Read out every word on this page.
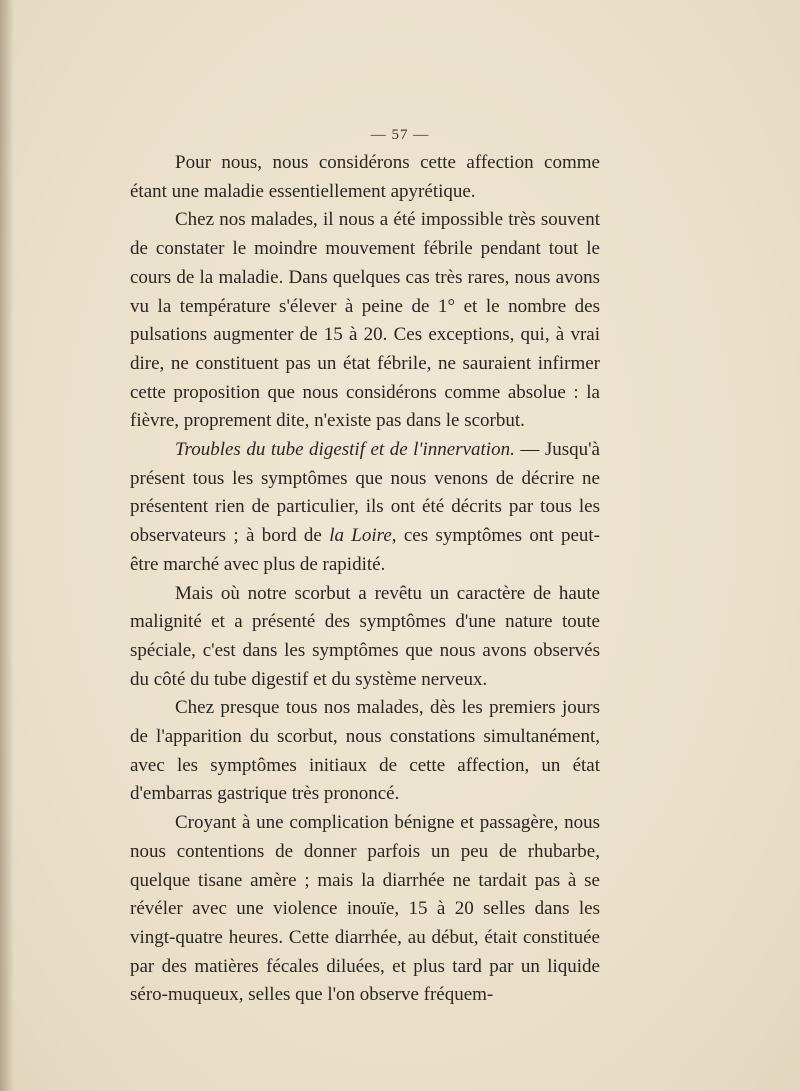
— 57 —

Pour nous, nous considérons cette affection comme étant une maladie essentiellement apyrétique.

Chez nos malades, il nous a été impossible très souvent de constater le moindre mouvement fébrile pendant tout le cours de la maladie. Dans quelques cas très rares, nous avons vu la température s'élever à peine de 1° et le nombre des pulsations augmenter de 15 à 20. Ces exceptions, qui, à vrai dire, ne constituent pas un état fébrile, ne sauraient infirmer cette proposition que nous considérons comme absolue : la fièvre, proprement dite, n'existe pas dans le scorbut.

Troubles du tube digestif et de l'innervation. — Jusqu'à présent tous les symptômes que nous venons de décrire ne présentent rien de particulier, ils ont été décrits par tous les observateurs ; à bord de la Loire, ces symptômes ont peut-être marché avec plus de rapidité.

Mais où notre scorbut a revêtu un caractère de haute malignité et a présenté des symptômes d'une nature toute spéciale, c'est dans les symptômes que nous avons observés du côté du tube digestif et du système nerveux.

Chez presque tous nos malades, dès les premiers jours de l'apparition du scorbut, nous constations simultanément, avec les symptômes initiaux de cette affection, un état d'embarras gastrique très prononcé.

Croyant à une complication bénigne et passagère, nous nous contentions de donner parfois un peu de rhubarbe, quelque tisane amère ; mais la diarrhée ne tardait pas à se révéler avec une violence inouïe, 15 à 20 selles dans les vingt-quatre heures. Cette diarrhée, au début, était constituée par des matières fécales diluées, et plus tard par un liquide séro-muqueux, selles que l'on observe fréquem-
